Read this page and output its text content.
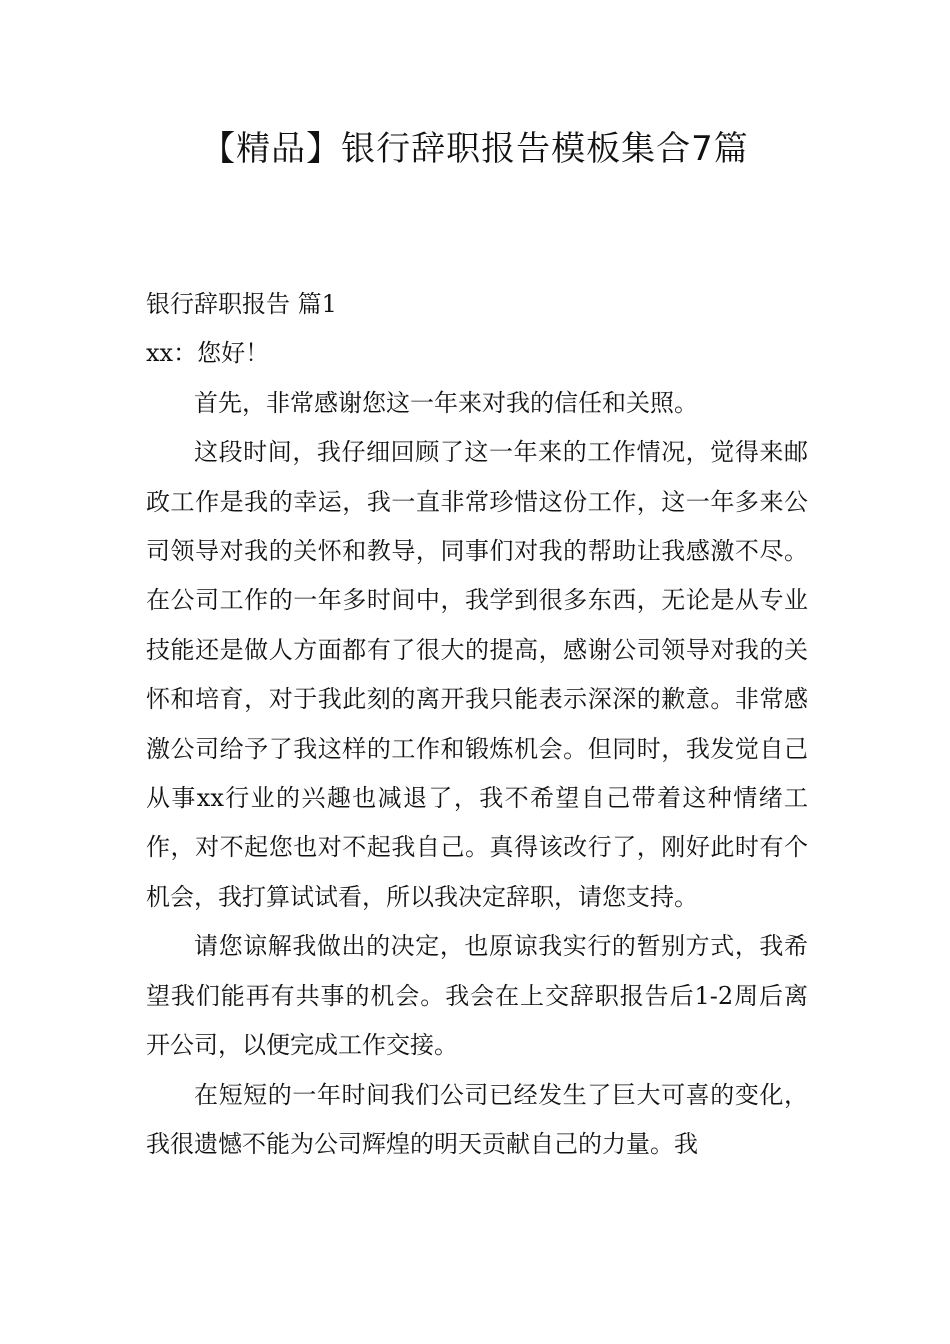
【精品】银行辞职报告模板集合7篇

银行辞职报告 篇1

xx：您好！

首先，非常感谢您这一年来对我的信任和关照。

这段时间，我仔细回顾了这一年来的工作情况，觉得来邮政工作是我的幸运，我一直非常珍惜这份工作，这一年多来公司领导对我的关怀和教导，同事们对我的帮助让我感激不尽。在公司工作的一年多时间中，我学到很多东西，无论是从专业技能还是做人方面都有了很大的提高，感谢公司领导对我的关怀和培育，对于我此刻的离开我只能表示深深的歉意。非常感激公司给予了我这样的工作和锻炼机会。但同时，我发觉自己从事xx行业的兴趣也减退了，我不希望自己带着这种情绪工作，对不起您也对不起我自己。真得该改行了，刚好此时有个机会，我打算试试看，所以我决定辞职，请您支持。

请您谅解我做出的决定，也原谅我实行的暂别方式，我希望我们能再有共事的机会。我会在上交辞职报告后1-2周后离开公司，以便完成工作交接。

在短短的一年时间我们公司已经发生了巨大可喜的变化，我很遗憾不能为公司辉煌的明天贡献自己的力量。我
